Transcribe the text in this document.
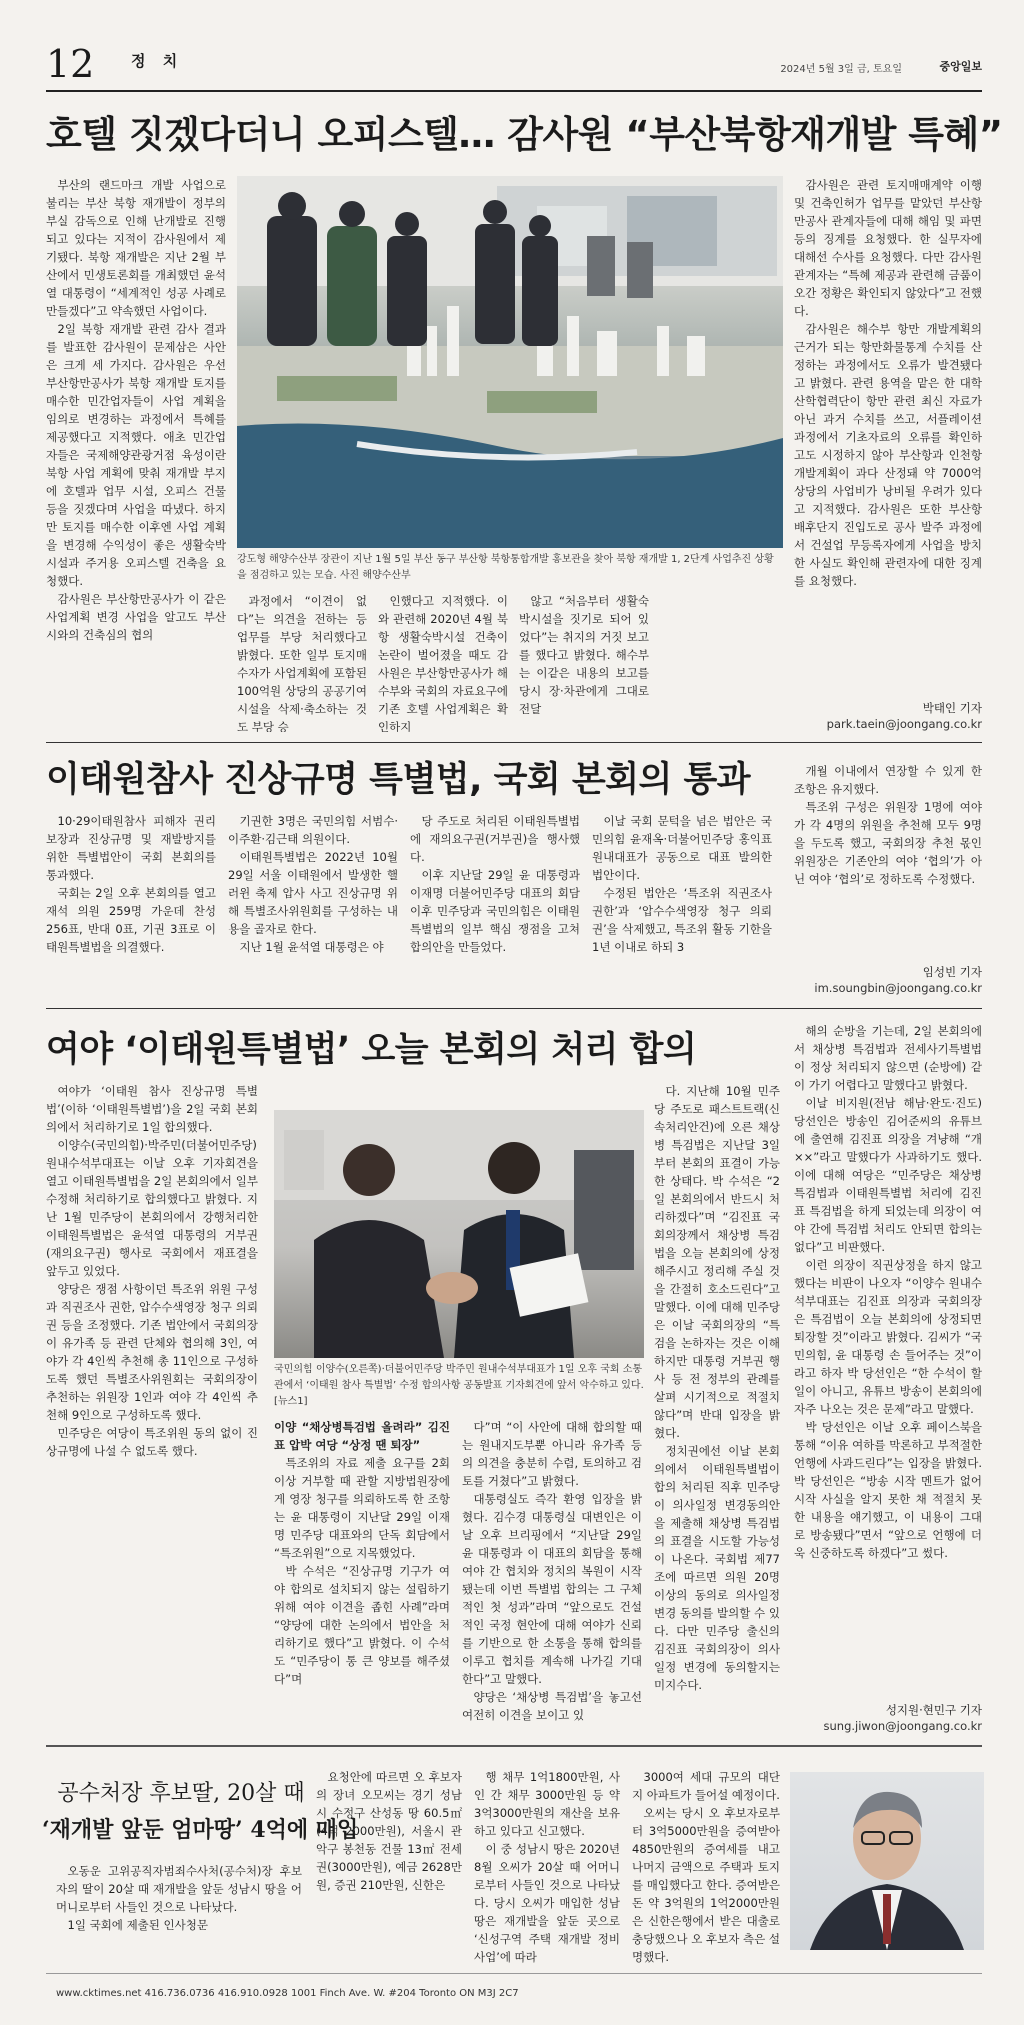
12 정 치	2024년 5월 3일 금, 토요일	중앙일보
호텔 짓겠다더니 오피스텔… 감사원 “부산북항재개발 특혜”

부산의 랜드마크 개발 사업으로 불리는 부산 북항 재개발이 정부의 부실 감독으로 인해 난개발로 진행되고 있다는 지적이 감사원에서 제기됐다. 북항 재개발은 지난 2월 부산에서 민생토론회를 개최했던 윤석열 대통령이 “세계적인 성공 사례로 만들겠다”고 약속했던 사업이다.

2일 북항 재개발 관련 감사 결과를 발표한 감사원이 문제삼은 사안은 크게 세 가지다. 감사원은 우선 부산항만공사가 북항 재개발 토지를 매수한 민간업자들이 사업 계획을 임의로 변경하는 과정에서 특혜를 제공했다고 지적했다. 애초 민간업자들은 국제해양관광거점 육성이란 북항 사업 계획에 맞춰 재개발 부지에 호텔과 업무 시설, 오피스 건물 등을 짓겠다며 사업을 따냈다. 하지만 토지를 매수한 이후엔 사업 계획을 변경해 수익성이 좋은 생활숙박시설과 주거용 오피스텔 건축을 요청했다.

감사원은 부산항만공사가 이 같은 사업계획 변경 사업을 알고도 부산시와의 건축심의 협의

강도형 해양수산부 장관이 지난 1월 5일 부산 동구 부산항 북항통합개발 홍보관을 찾아 북항 재개발 1, 2단계 사업추진 상황을 점검하고 있는 모습. 사진 해양수산부

과정에서 “이견이 없다”는 의견을 전하는 등 업무를 부당 처리했다고 밝혔다. 또한 일부 토지매수자가 사업계획에 포함된 100억원 상당의 공공기여 시설을 삭제·축소하는 것도 부당 승

인했다고 지적했다. 이와 관련해 2020년 4월 북항 생활숙박시설 건축이 논란이 벌어졌을 때도 감사원은 부산항만공사가 해수부와 국회의 자료요구에 기존 호텔 사업계획은 확인하지

않고 “처음부터 생활숙박시설을 짓기로 되어 있었다”는 취지의 거짓 보고를 했다고 밝혔다. 해수부는 이같은 내용의 보고를 당시 장·차관에게 그대로 전달

감사원은 관련 토지매매계약 이행 및 건축인허가 업무를 맡았던 부산항만공사 관계자들에 대해 해임 및 파면 등의 징계를 요청했다. 한 실무자에 대해선 수사를 요청했다. 다만 감사원 관계자는 “특혜 제공과 관련해 금품이 오간 정황은 확인되지 않았다”고 전했다.

감사원은 해수부 항만 개발계획의 근거가 되는 항만화물통계 수치를 산정하는 과정에서도 오류가 발견됐다고 밝혔다. 관련 용역을 맡은 한 대학 산학협력단이 항만 관련 최신 자료가 아닌 과거 수치를 쓰고, 서플레이션 과정에서 기초자료의 오류를 확인하고도 시정하지 않아 부산항과 인천항 개발계획이 과다 산정돼 약 7000억 상당의 사업비가 낭비될 우려가 있다고 지적했다. 감사원은 또한 부산항 배후단지 진입도로 공사 발주 과정에서 건설업 무등록자에게 사업을 방치한 사실도 확인해 관련자에 대한 징계를 요청했다.

박태인 기자
park.taein@joongang.co.kr
이태원참사 진상규명 특별법, 국회 본회의 통과

10·29이태원참사 피해자 권리보장과 진상규명 및 재발방지를 위한 특별법안이 국회 본회의를 통과했다.

국회는 2일 오후 본회의를 열고 재석 의원 259명 가운데 찬성 256표, 반대 0표, 기권 3표로 이태원특별법을 의결했다.

기권한 3명은 국민의힘 서범수·이주환·김근태 의원이다.

이태원특별법은 2022년 10월 29일 서울 이태원에서 발생한 핼러윈 축제 압사 사고 진상규명 위해 특별조사위원회를 구성하는 내용을 골자로 한다.

지난 1월 윤석열 대통령은 야

당 주도로 처리된 이태원특별법에 재의요구권(거부권)을 행사했다.

이후 지난달 29일 윤 대통령과 이재명 더불어민주당 대표의 회담 이후 민주당과 국민의힘은 이태원특별법의 일부 핵심 쟁점을 고쳐 합의안을 만들었다.

이날 국회 문턱을 넘은 법안은 국민의힘 윤재옥·더불어민주당 홍익표 원내대표가 공동으로 대표 발의한 법안이다.

수정된 법안은 ‘특조위 직권조사 권한’과 ‘압수수색영장 청구 의뢰권’을 삭제했고, 특조위 활동 기한을 1년 이내로 하되 3

개월 이내에서 연장할 수 있게 한 조항은 유지했다.

특조위 구성은 위원장 1명에 여야가 각 4명의 위원을 추천해 모두 9명을 두도록 했고, 국회의장 추천 몫인 위원장은 기존안의 여야 ‘협의’가 아닌 여야 ‘협의’로 정하도록 수정했다.

임성빈 기자
im.soungbin@joongang.co.kr
여야 ‘이태원특별법’ 오늘 본회의 처리 합의

여야가 ‘이태원 참사 진상규명 특별법’(이하 ‘이태원특별법’)을 2일 국회 본회의에서 처리하기로 1일 합의했다.

이양수(국민의힘)·박주민(더불어민주당) 원내수석부대표는 이날 오후 기자회견을 열고 이태원특별법을 2일 본회의에서 일부 수정해 처리하기로 합의했다고 밝혔다. 지난 1월 민주당이 본회의에서 강행처리한 이태원특별법은 윤석열 대통령의 거부권(재의요구권) 행사로 국회에서 재표결을 앞두고 있었다.

양당은 쟁점 사항이던 특조위 위원 구성과 직권조사 권한, 압수수색영장 청구 의뢰권 등을 조정했다. 기존 법안에서 국회의장이 유가족 등 관련 단체와 협의해 3인, 여야가 각 4인씩 추천해 총 11인으로 구성하도록 했던 특별조사위원회는 국회의장이 추천하는 위원장 1인과 여야 각 4인씩 추천해 9인으로 구성하도록 했다.

민주당은 여당이 특조위원 동의 없이 진상규명에 나설 수 없도록 했다.

국민의힘 이양수(오른쪽)·더불어민주당 박주민 원내수석부대표가 1일 오후 국회 소통관에서 ‘이태원 참사 특별법’ 수정 합의사항 공동발표 기자회견에 앞서 악수하고 있다. [뉴스1]

이양 “채상병특검법 올려라” 김진표 압박 여당 “상정 땐 퇴장”

특조위의 자료 제출 요구를 2회 이상 거부할 때 관할 지방법원장에게 영장 청구를 의뢰하도록 한 조항는 윤 대통령이 지난달 29일 이재명 민주당 대표와의 단독 회담에서 “특조위원”으로 지목했었다.

박 수석은 “진상규명 기구가 여야 합의로 설치되지 않는 설립하기 위해 여야 이견을 좁힌 사례”라며 “양당에 대한 논의에서 법안을 처리하기로 했다”고 밝혔다. 이 수석도 “민주당이 통 큰 양보를 해주셨다”며

다”며 “이 사안에 대해 합의할 때는 원내지도부뿐 아니라 유가족 등의 의견을 충분히 수렴, 토의하고 검토를 거쳤다”고 밝혔다.

대통령실도 즉각 환영 입장을 밝혔다. 김수경 대통령실 대변인은 이날 오후 브리핑에서 “지난달 29일 윤 대통령과 이 대표의 회담을 통해 여야 간 협치와 정치의 복원이 시작됐는데 이번 특별법 합의는 그 구체적인 첫 성과”라며 “앞으로도 건설적인 국정 현안에 대해 여야가 신뢰를 기반으로 한 소통을 통해 합의를 이루고 협치를 계속해 나가길 기대한다”고 말했다.

양당은 ‘채상병 특검법’을 놓고선 여전히 이견을 보이고 있

다. 지난해 10월 민주당 주도로 패스트트랙(신속처리안건)에 오른 채상병 특검법은 지난달 3일부터 본회의 표결이 가능한 상태다. 박 수석은 “2일 본회의에서 반드시 처리하겠다”며 “김진표 국회의장께서 채상병 특검법을 오늘 본회의에 상정해주시고 정리해 주실 것을 간절히 호소드린다”고 말했다. 이에 대해 민주당은 이날 국회의장의 “특검을 논하자는 것은 이해하지만 대통령 거부권 행사 등 전 정부의 관례를 살펴 시기적으로 적절치 않다”며 반대 입장을 밝혔다.

정치권에선 이날 본회의에서 이태원특별법이 합의 처리된 직후 민주당이 의사일정 변경동의안을 제출해 채상병 특검법의 표결을 시도할 가능성이 나온다. 국회법 제77조에 따르면 의원 20명 이상의 동의로 의사일정 변경 동의를 발의할 수 있다. 다만 민주당 출신의 김진표 국회의장이 의사일정 변경에 동의할지는 미지수다.

해의 순방을 기는데, 2일 본회의에서 채상병 특검법과 전세사기특별법이 정상 처리되지 않으면 (순방에) 같이 가기 어렵다고 말했다고 밝혔다.

이날 비지원(전남 해남·완도·진도) 당선인은 방송인 김어준씨의 유튜브에 출연해 김진표 의장을 겨냥해 “개××”라고 말했다가 사과하기도 했다. 이에 대해 여당은 “민주당은 채상병 특검법과 이태원특별법 처리에 김진표 특검법을 하게 되었는데 의장이 여야 간에 특검법 처리도 안되면 합의는 없다”고 비판했다.

이런 의장이 직권상정을 하지 않고 했다는 비판이 나오자 “이양수 원내수석부대표는 김진표 의장과 국회의장은 특검법이 오늘 본회의에 상정되면 퇴장할 것”이라고 밝혔다. 김씨가 “국민의힘, 윤 대통령 손 들어주는 것”이라고 하자 박 당선인은 “한 수석이 할 일이 아니고, 유튜브 방송이 본회의에 자주 나오는 것은 문제”라고 말했다.

박 당선인은 이날 오후 페이스북을 통해 “이유 여하를 막론하고 부적절한 언행에 사과드린다”는 입장을 밝혔다. 박 당선인은 “방송 시작 멘트가 없어 시작 사실을 알지 못한 채 적절치 못한 내용을 얘기했고, 이 내용이 그대로 방송됐다”면서 “앞으로 언행에 더욱 신중하도록 하겠다”고 썼다.

성지원·현민구 기자
sung.jiwon@joongang.co.kr
공수처장 후보딸, 20살 때
‘재개발 앞둔 엄마땅’ 4억에 매입

오동운 고위공직자범죄수사처(공수처)장 후보자의 딸이 20살 때 재개발을 앞둔 성남시 땅을 어머니로부터 사들인 것으로 나타났다.

1일 국회에 제출된 인사청문

요청안에 따르면 오 후보자의 장녀 오모씨는 경기 성남시 수정구 산성동 땅 60.5㎡(4억 2000만원), 서울시 관악구 봉천동 건물 13㎡ 전세권(3000만원), 예금 2628만원, 증권 210만원, 신한은

행 채무 1억1800만원, 사인 간 채무 3000만원 등 약 3억3000만원의 재산을 보유하고 있다고 신고했다.

이 중 성남시 땅은 2020년 8월 오씨가 20살 때 어머니로부터 사들인 것으로 나타났다. 당시 오씨가 매입한 성남 땅은 재개발을 앞둔 곳으로 ‘신성구역 주택 재개발 정비사업’에 따라

3000여 세대 규모의 대단지 아파트가 들어설 예정이다.

오씨는 당시 오 후보자로부터 3억5000만원을 증여받아 4850만원의 증여세를 내고 나머지 금액으로 주택과 토지를 매입했다고 한다. 증여받은 돈 약 3억원의 1억2000만원은 신한은행에서 받은 대출로 충당했으나 오 후보자 측은 설명했다.

www.cktimes.net 416.736.0736 416.910.0928 1001 Finch Ave. W. #204 Toronto ON M3J 2C7
